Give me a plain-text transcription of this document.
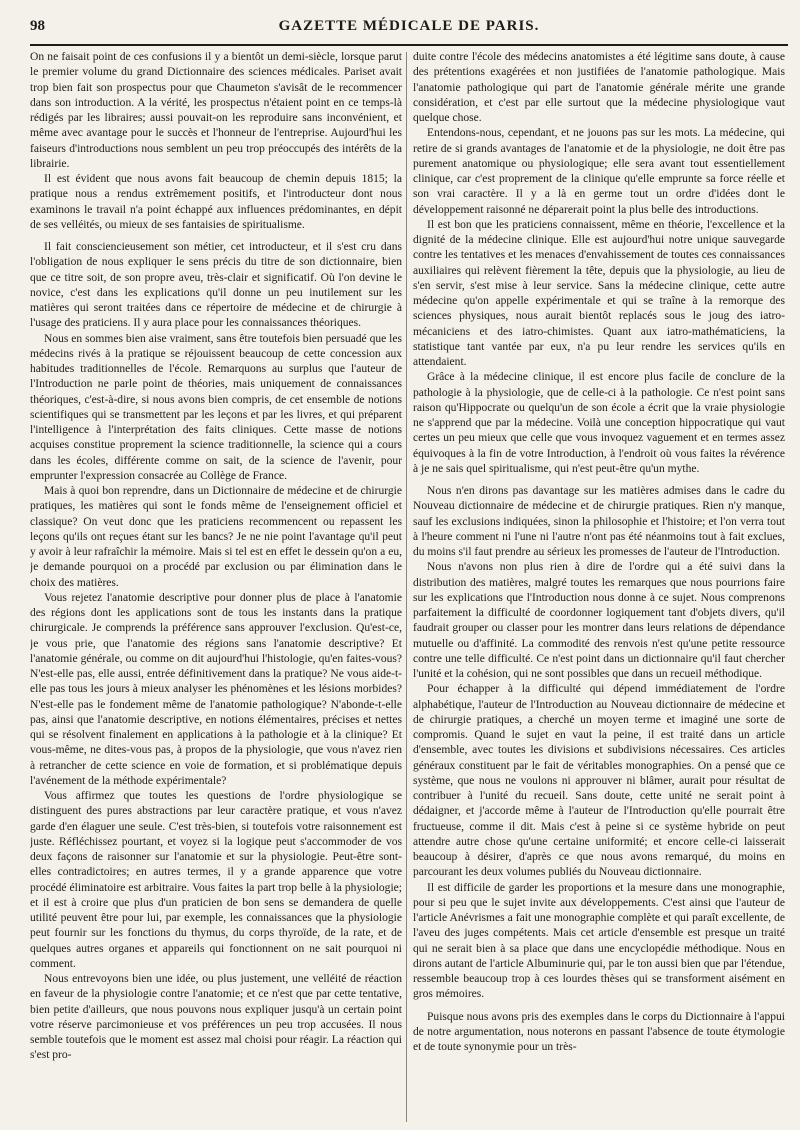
98	GAZETTE MÉDICALE DE PARIS.

On ne faisait point de ces confusions il y a bientôt un demi-siècle, lorsque parut le premier volume du grand Dictionnaire des sciences médicales. Pariset avait trop bien fait son prospectus pour que Chaumeton s'avisât de le recommencer dans son introduction. A la vérité, les prospectus n'étaient point en ce temps-là rédigés par les libraires; aussi pouvait-on les reproduire sans inconvénient, et même avec avantage pour le succès et l'honneur de l'entreprise. Aujourd'hui les faiseurs d'introductions nous semblent un peu trop préoccupés des intérêts de la librairie.

Il est évident que nous avons fait beaucoup de chemin depuis 1815; la pratique nous a rendus extrêmement positifs, et l'introducteur dont nous examinons le travail n'a point échappé aux influences prédominantes, en dépit de ses velléités, ou mieux de ses fantaisies de spiritualisme.

Il fait consciencieusement son métier, cet introducteur, et il s'est cru dans l'obligation de nous expliquer le sens précis du titre de son dictionnaire, bien que ce titre soit, de son propre aveu, très-clair et significatif. Où l'on devine le novice, c'est dans les explications qu'il donne un peu inutilement sur les matières qui seront traitées dans ce répertoire de médecine et de chirurgie à l'usage des praticiens. Il y aura place pour les connaissances théoriques.

Nous en sommes bien aise vraiment, sans être toutefois bien persuadé que les médecins rivés à la pratique se réjouissent beaucoup de cette concession aux habitudes traditionnelles de l'école. Remarquons au surplus que l'auteur de l'Introduction ne parle point de théories, mais uniquement de connaissances théoriques, c'est-à-dire, si nous avons bien compris, de cet ensemble de notions scientifiques qui se transmettent par les leçons et par les livres, et qui préparent l'intelligence à l'interprétation des faits cliniques. Cette masse de notions acquises constitue proprement la science traditionnelle, la science qui a cours dans les écoles, différente comme on sait, de la science de l'avenir, pour emprunter l'expression consacrée au Collège de France.

Mais à quoi bon reprendre, dans un Dictionnaire de médecine et de chirurgie pratiques, les matières qui sont le fonds même de l'enseignement officiel et classique? On veut donc que les praticiens recommencent ou repassent les leçons qu'ils ont reçues étant sur les bancs? Je ne nie point l'avantage qu'il peut y avoir à leur rafraîchir la mémoire. Mais si tel est en effet le dessein qu'on a eu, je demande pourquoi on a procédé par exclusion ou par élimination dans le choix des matières.

Vous rejetez l'anatomie descriptive pour donner plus de place à l'anatomie des régions dont les applications sont de tous les instants dans la pratique chirurgicale. Je comprends la préférence sans approuver l'exclusion. Qu'est-ce, je vous prie, que l'anatomie des régions sans l'anatomie descriptive? Et l'anatomie générale, ou comme on dit aujourd'hui l'histologie, qu'en faites-vous? N'est-elle pas, elle aussi, entrée définitivement dans la pratique? Ne vous aide-t-elle pas tous les jours à mieux analyser les phénomènes et les lésions morbides? N'est-elle pas le fondement même de l'anatomie pathologique? N'abonde-t-elle pas, ainsi que l'anatomie descriptive, en notions élémentaires, précises et nettes qui se résolvent finalement en applications à la pathologie et à la clinique? Et vous-même, ne dites-vous pas, à propos de la physiologie, que vous n'avez rien à retrancher de cette science en voie de formation, et si problématique depuis l'avénement de la méthode expérimentale?

Vous affirmez que toutes les questions de l'ordre physiologique se distinguent des pures abstractions par leur caractère pratique, et vous n'avez garde d'en élaguer une seule. C'est très-bien, si toutefois votre raisonnement est juste. Réfléchissez pourtant, et voyez si la logique peut s'accommoder de vos deux façons de raisonner sur l'anatomie et sur la physiologie. Peut-être sont-elles contradictoires; en autres termes, il y a grande apparence que votre procédé éliminatoire est arbitraire. Vous faites la part trop belle à la physiologie; et il est à croire que plus d'un praticien de bon sens se demandera de quelle utilité peuvent être pour lui, par exemple, les connaissances que la physiologie peut fournir sur les fonctions du thymus, du corps thyroïde, de la rate, et de quelques autres organes et appareils qui fonctionnent on ne sait pourquoi ni comment.

Nous entrevoyons bien une idée, ou plus justement, une velléité de réaction en faveur de la physiologie contre l'anatomie; et ce n'est que par cette tentative, bien petite d'ailleurs, que nous pouvons nous expliquer jusqu'à un certain point votre réserve parcimonieuse et vos préférences un peu trop accusées. Il nous semble toutefois que le moment est assez mal choisi pour réagir. La réaction qui s'est pro-

duite contre l'école des médecins anatomistes a été légitime sans doute, à cause des prétentions exagérées et non justifiées de l'anatomie pathologique. Mais l'anatomie pathologique qui part de l'anatomie générale mérite une grande considération, et c'est par elle surtout que la médecine physiologique vaut quelque chose.

Entendons-nous, cependant, et ne jouons pas sur les mots. La médecine, qui retire de si grands avantages de l'anatomie et de la physiologie, ne doit être pas purement anatomique ou physiologique; elle sera avant tout essentiellement clinique, car c'est proprement de la clinique qu'elle emprunte sa force réelle et son vrai caractère. Il y a là en germe tout un ordre d'idées dont le développement raisonné ne déparerait point la plus belle des introductions.

Il est bon que les praticiens connaissent, même en théorie, l'excellence et la dignité de la médecine clinique. Elle est aujourd'hui notre unique sauvegarde contre les tentatives et les menaces d'envahissement de toutes ces connaissances auxiliaires qui relèvent fièrement la tête, depuis que la physiologie, au lieu de s'en servir, s'est mise à leur service. Sans la médecine clinique, cette autre médecine qu'on appelle expérimentale et qui se traîne à la remorque des sciences physiques, nous aurait bientôt replacés sous le joug des iatro-mécaniciens et des iatro-chimistes. Quant aux iatro-mathématiciens, la statistique tant vantée par eux, n'a pu leur rendre les services qu'ils en attendaient.

Grâce à la médecine clinique, il est encore plus facile de conclure de la pathologie à la physiologie, que de celle-ci à la pathologie. Ce n'est point sans raison qu'Hippocrate ou quelqu'un de son école a écrit que la vraie physiologie ne s'apprend que par la médecine. Voilà une conception hippocratique qui vaut certes un peu mieux que celle que vous invoquez vaguement et en termes assez équivoques à la fin de votre Introduction, à l'endroit où vous faites la révérence à je ne sais quel spiritualisme, qui n'est peut-être qu'un mythe.

Nous n'en dirons pas davantage sur les matières admises dans le cadre du Nouveau dictionnaire de médecine et de chirurgie pratiques. Rien n'y manque, sauf les exclusions indiquées, sinon la philosophie et l'histoire; et l'on verra tout à l'heure comment ni l'une ni l'autre n'ont pas été néanmoins tout à fait exclues, du moins s'il faut prendre au sérieux les promesses de l'auteur de l'Introduction.

Nous n'avons non plus rien à dire de l'ordre qui a été suivi dans la distribution des matières, malgré toutes les remarques que nous pourrions faire sur les explications que l'Introduction nous donne à ce sujet. Nous comprenons parfaitement la difficulté de coordonner logiquement tant d'objets divers, qu'il faudrait grouper ou classer pour les montrer dans leurs relations de dépendance mutuelle ou d'affinité. La commodité des renvois n'est qu'une petite ressource contre une telle difficulté. Ce n'est point dans un dictionnaire qu'il faut chercher l'unité et la cohésion, qui ne sont possibles que dans un recueil méthodique.

Pour échapper à la difficulté qui dépend immédiatement de l'ordre alphabétique, l'auteur de l'Introduction au Nouveau dictionnaire de médecine et de chirurgie pratiques, a cherché un moyen terme et imaginé une sorte de compromis. Quand le sujet en vaut la peine, il est traité dans un article d'ensemble, avec toutes les divisions et subdivisions nécessaires. Ces articles généraux constituent par le fait de véritables monographies. On a pensé que ce système, que nous ne voulons ni approuver ni blâmer, aurait pour résultat de contribuer à l'unité du recueil. Sans doute, cette unité ne serait point à dédaigner, et j'accorde même à l'auteur de l'Introduction qu'elle pourrait être fructueuse, comme il dit. Mais c'est à peine si ce système hybride on peut attendre autre chose qu'une certaine uniformité; et encore celle-ci laisserait beaucoup à désirer, d'après ce que nous avons remarqué, du moins en parcourant les deux volumes publiés du Nouveau dictionnaire.

Il est difficile de garder les proportions et la mesure dans une monographie, pour si peu que le sujet invite aux développements. C'est ainsi que l'auteur de l'article Anévrismes a fait une monographie complète et qui paraît excellente, de l'aveu des juges compétents. Mais cet article d'ensemble est presque un traité qui ne serait bien à sa place que dans une encyclopédie méthodique. Nous en dirons autant de l'article Albuminurie qui, par le ton aussi bien que par l'étendue, ressemble beaucoup trop à ces lourdes thèses qui se transforment aisément en gros mémoires.

Puisque nous avons pris des exemples dans le corps du Dictionnaire à l'appui de notre argumentation, nous noterons en passant l'absence de toute étymologie et de toute synonymie pour un très-
